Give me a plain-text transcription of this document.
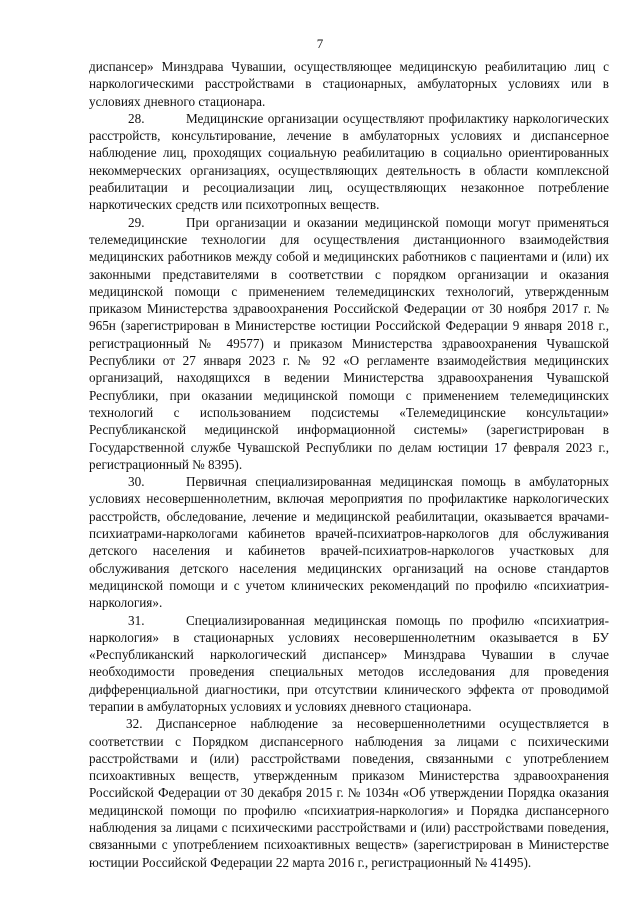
7

диспансер» Минздрава Чувашии, осуществляющее медицинскую реабилитацию лиц с наркологическими расстройствами в стационарных, амбулаторных условиях или в условиях дневного стационара.

28.	Медицинские организации осуществляют профилактику наркологических расстройств, консультирование, лечение в амбулаторных условиях и диспансерное наблюдение лиц, проходящих социальную реабилитацию в социально ориентированных некоммерческих организациях, осуществляющих деятельность в области комплексной реабилитации и ресоциализации лиц, осуществляющих незаконное потребление наркотических средств или психотропных веществ.

29.	При организации и оказании медицинской помощи могут применяться телемедицинские технологии для осуществления дистанционного взаимодействия медицинских работников между собой и медицинских работников с пациентами и (или) их законными представителями в соответствии с порядком организации и оказания медицинской помощи с применением телемедицинских технологий, утвержденным приказом Министерства здравоохранения Российской Федерации от 30 ноября 2017 г. № 965н (зарегистрирован в Министерстве юстиции Российской Федерации 9 января 2018 г., регистрационный № 49577) и приказом Министерства здравоохранения Чувашской Республики от 27 января 2023 г. № 92 «О регламенте взаимодействия медицинских организаций, находящихся в ведении Министерства здравоохранения Чувашской Республики, при оказании медицинской помощи с применением телемедицинских технологий с использованием подсистемы «Телемедицинские консультации» Республиканской медицинской информационной системы» (зарегистрирован в Государственной службе Чувашской Республики по делам юстиции 17 февраля 2023 г., регистрационный № 8395).

30.	Первичная специализированная медицинская помощь в амбулаторных условиях несовершеннолетним, включая мероприятия по профилактике наркологических расстройств, обследование, лечение и медицинской реабилитации, оказывается врачами-психиатрами-наркологами кабинетов врачей-психиатров-наркологов для обслуживания детского населения и кабинетов врачей-психиатров-наркологов участковых для обслуживания детского населения медицинских организаций на основе стандартов медицинской помощи и с учетом клинических рекомендаций по профилю «психиатрия-наркология».

31.	Специализированная медицинская помощь по профилю «психиатрия-наркология» в стационарных условиях несовершеннолетним оказывается в БУ «Республиканский наркологический диспансер» Минздрава Чувашии в случае необходимости проведения специальных методов исследования для проведения дифференциальной диагностики, при отсутствии клинического эффекта от проводимой терапии в амбулаторных условиях и условиях дневного стационара.

32. Диспансерное наблюдение за несовершеннолетними осуществляется в соответствии с Порядком диспансерного наблюдения за лицами с психическими расстройствами и (или) расстройствами поведения, связанными с употреблением психоактивных веществ, утвержденным приказом Министерства здравоохранения Российской Федерации от 30 декабря 2015 г. № 1034н «Об утверждении Порядка оказания медицинской помощи по профилю «психиатрия-наркология» и Порядка диспансерного наблюдения за лицами с психическими расстройствами и (или) расстройствами поведения, связанными с употреблением психоактивных веществ» (зарегистрирован в Министерстве юстиции Российской Федерации 22 марта 2016 г., регистрационный № 41495).
